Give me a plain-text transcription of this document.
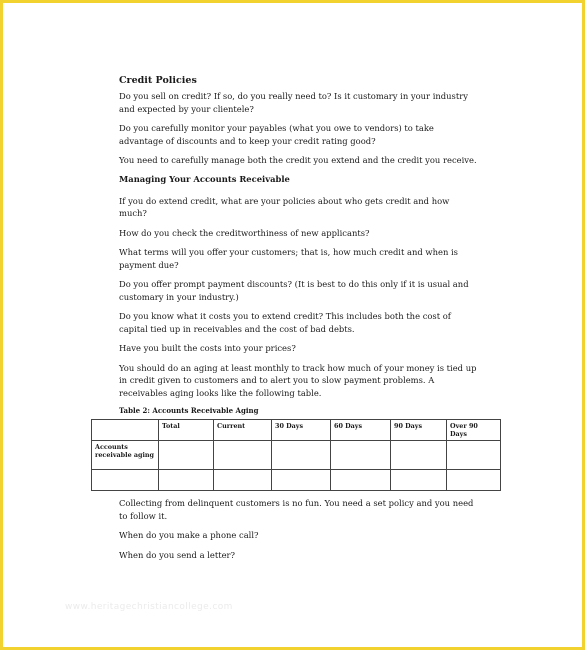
Credit Policies

Do you sell on credit? If so, do you really need to? Is it customary in your industry and expected by your clientele?

Do you carefully monitor your payables (what you owe to vendors) to take advantage of discounts and to keep your credit rating good?

You need to carefully manage both the credit you extend and the credit you receive.

Managing Your Accounts Receivable

If you do extend credit, what are your policies about who gets credit and how much?

How do you check the creditworthiness of new applicants?

What terms will you offer your customers; that is, how much credit and when is payment due?

Do you offer prompt payment discounts? (It is best to do this only if it is usual and customary in your industry.)

Do you know what it costs you to extend credit? This includes both the cost of capital tied up in receivables and the cost of bad debts.

Have you built the costs into your prices?

You should do an aging at least monthly to track how much of your money is tied up in credit given to customers and to alert you to slow payment problems. A receivables aging looks like the following table.

Table 2: Accounts Receivable Aging
	Total	Current	30 Days	60 Days	90 Days	Over 90 Days
Accounts receivable aging						

Collecting from delinquent customers is no fun. You need a set policy and you need to follow it.

When do you make a phone call?

When do you send a letter?

www.heritagechristiancollege.com
